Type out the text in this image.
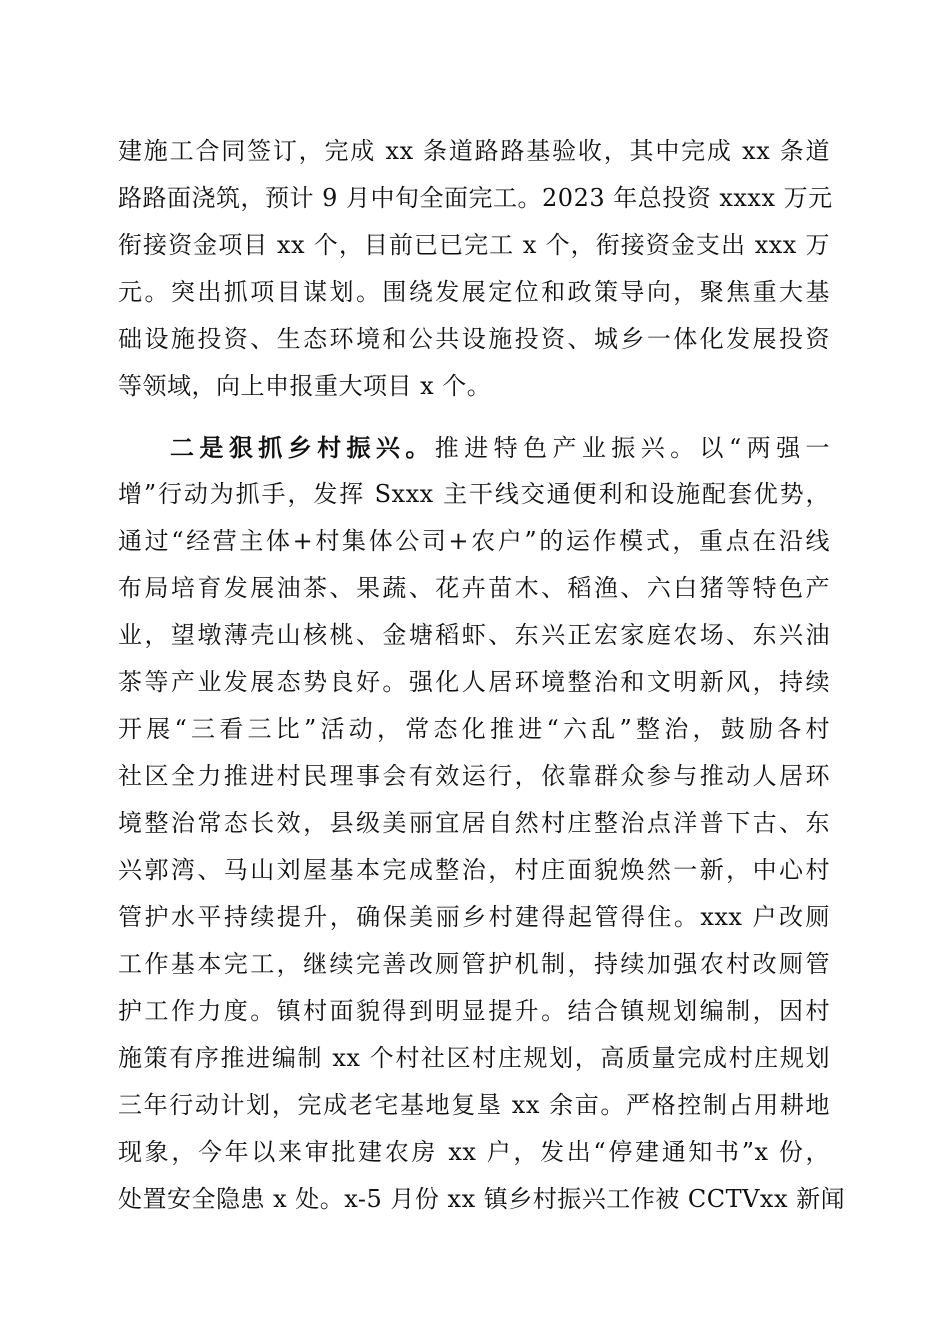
建施工合同签订，完成 xx 条道路路基验收，其中完成 xx 条道
路路面浇筑，预计 9 月中旬全面完工。2023 年总投资 xxxx 万元
衔接资金项目 xx 个，目前已已完工 x 个，衔接资金支出 xxx 万
元。突出抓项目谋划。围绕发展定位和政策导向，聚焦重大基
础设施投资、生态环境和公共设施投资、城乡一体化发展投资
等领域，向上申报重大项目 x 个。
二是狠抓乡村振兴。推进特色产业振兴。以“两强一
增”行动为抓手，发挥 Sxxx 主干线交通便利和设施配套优势，
通过“经营主体+村集体公司+农户”的运作模式，重点在沿线
布局培育发展油茶、果蔬、花卉苗木、稻渔、六白猪等特色产
业，望墩薄壳山核桃、金塘稻虾、东兴正宏家庭农场、东兴油
茶等产业发展态势良好。强化人居环境整治和文明新风，持续
开展“三看三比”活动，常态化推进“六乱”整治，鼓励各村
社区全力推进村民理事会有效运行，依靠群众参与推动人居环
境整治常态长效，县级美丽宜居自然村庄整治点洋普下古、东
兴郭湾、马山刘屋基本完成整治，村庄面貌焕然一新，中心村
管护水平持续提升，确保美丽乡村建得起管得住。xxx 户改厕
工作基本完工，继续完善改厕管护机制，持续加强农村改厕管
护工作力度。镇村面貌得到明显提升。结合镇规划编制，因村
施策有序推进编制 xx 个村社区村庄规划，高质量完成村庄规划
三年行动计划，完成老宅基地复垦 xx 余亩。严格控制占用耕地
现象，今年以来审批建农房 xx 户，发出“停建通知书”x 份，
处置安全隐患 x 处。x-5 月份 xx 镇乡村振兴工作被 CCTVxx 新闻
